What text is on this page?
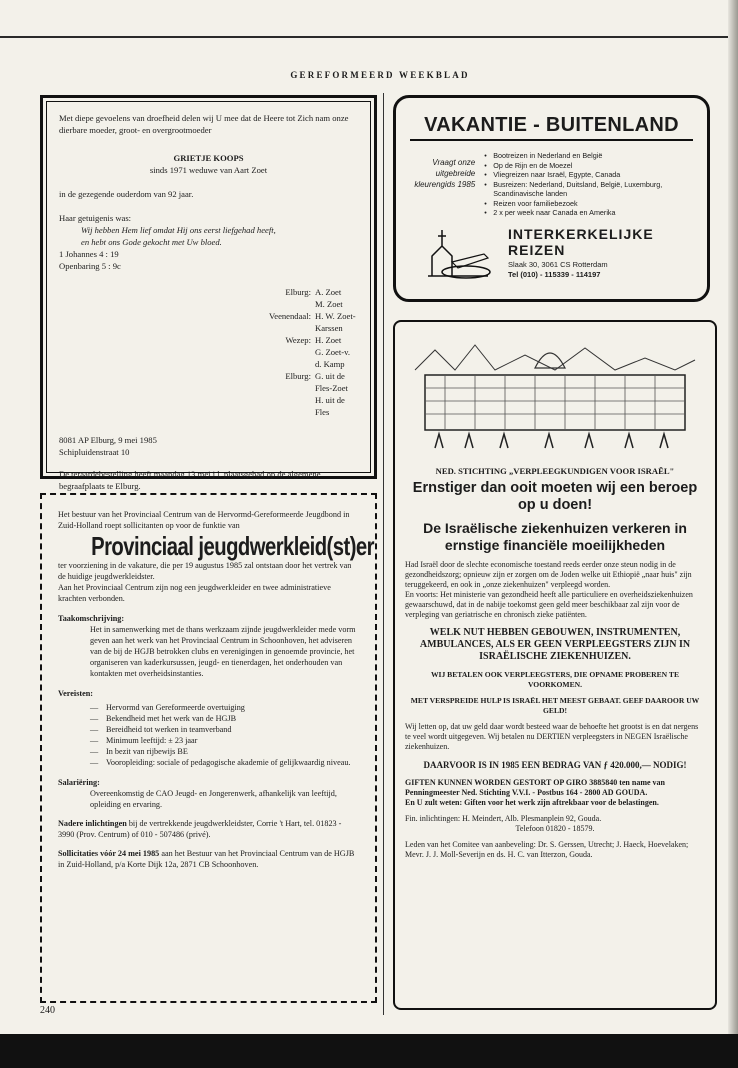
GEREFORMEERD WEEKBLAD

Met diepe gevoelens van droefheid delen wij U mee dat de Heere tot Zich nam onze dierbare moeder, groot- en overgrootmoeder

GRIETJE KOOPS

sinds 1971 weduwe van Aart Zoet

in de gezegende ouderdom van 92 jaar.

Haar getuigenis was:

Wij hebben Hem lief omdat Hij ons eerst liefgehad heeft,

en hebt ons Gode gekocht met Uw bloed.

1 Johannes 4 : 19

Openbaring 5 : 9c

Elburg: A. Zoet
M. Zoet
Veenendaal: H. W. Zoet-Karssen
Wezep: H. Zoet
G. Zoet-v. d. Kamp
Elburg: G. uit de Fles-Zoet
H. uit de Fles

8081 AP Elburg, 9 mei 1985

Schipluidenstraat 10

De teraardebestelling heeft maandag 13 mei j.l. plaatsgehad op de algemene begraafplaats te Elburg.

Het bestuur van het Provinciaal Centrum van de Hervormd-Gereformeerde Jeugdbond in Zuid-Holland roept sollicitanten op voor de funktie van

Provinciaal jeugdwerkleid(st)er

ter voorziening in de vakature, die per 19 augustus 1985 zal ontstaan door het vertrek van de huidige jeugdwerkleidster.

Aan het Provinciaal Centrum zijn nog een jeugdwerkleider en twee administratieve krachten verbonden.

Taakomschrijving:

Het in samenwerking met de thans werkzaam zijnde jeugdwerkleider mede vorm geven aan het werk van het Provinciaal Centrum in Schoonhoven, het adviseren van de bij de HGJB betrokken clubs en verenigingen in genoemde provincie, het organiseren van kaderkursussen, jeugd- en tienerdagen, het onderhouden van kontakten met overheidsinstanties.

Vereisten:

— Hervormd van Gereformeerde overtuiging
— Bekendheid met het werk van de HGJB
— Bereidheid tot werken in teamverband
— Minimum leeftijd: ± 23 jaar
— In bezit van rijbewijs BE
— Vooropleiding: sociale of pedagogische akademie of gelijkwaardig niveau.

Salariëring:

Overeenkomstig de CAO Jeugd- en Jongerenwerk, afhankelijk van leeftijd, opleiding en ervaring.

Nadere inlichtingen bij de vertrekkende jeugdwerkleidster, Corrie 't Hart, tel. 01823 - 3990 (Prov. Centrum) of 010 - 507486 (privé).

Sollicitaties vóór 24 mei 1985 aan het Bestuur van het Provinciaal Centrum van de HGJB in Zuid-Holland, p/a Korte Dijk 12a, 2871 CB Schoonhoven.

VAKANTIE - BUITENLAND
Vraagt onze
uitgebreide
kleurengids 1985
• Bootreizen in Nederland en België
• Op de Rijn en de Moezel
• Vliegreizen naar Israël, Egypte, Canada
• Busreizen: Nederland, Duitsland, België, Luxemburg, Scandinavische landen
• Reizen voor familiebezoek
• 2 x per week naar Canada en Amerika
INTERKERKELIJKE REIZEN
Slaak 30, 3061 CS Rotterdam
Tel (010) - 115339 - 114197

NED. STICHTING „VERPLEEGKUNDIGEN VOOR ISRAËL"

Ernstiger dan ooit moeten wij een beroep op u doen!
De Israëlische ziekenhuizen verkeren in ernstige financiële moeilijkheden

Had Israël door de slechte economische toestand reeds eerder onze steun nodig in de gezondheidszorg; opnieuw zijn er zorgen om de Joden welke uit Ethiopië „naar huis" zijn teruggekeerd, en ook in „onze ziekenhuizen" verpleegd worden.

En voorts: Het ministerie van gezondheid heeft alle particuliere en overheidsziekenhuizen gewaarschuwd, dat in de nabije toekomst geen geld meer beschikbaar zal zijn voor de verpleging van geriatrische en chronisch zieke patiënten.

WELK NUT HEBBEN GEBOUWEN, INSTRUMENTEN, AMBULANCES, ALS ER GEEN VERPLEEGSTERS ZIJN IN ISRAËLISCHE ZIEKENHUIZEN.
WIJ BETALEN OOK VERPLEEGSTERS, DIE OPNAME PROBEREN TE VOORKOMEN.
MET VERSPREIDE HULP IS ISRAËL HET MEEST GEBAAT. GEEF DAAROOR UW GELD!

Wij letten op, dat uw geld daar wordt besteed waar de behoefte het grootst is en dat nergens te veel wordt uitgegeven. Wij betalen nu DERTIEN verpleegsters in NEGEN Israëlische ziekenhuizen.

DAARVOOR IS IN 1985 EEN BEDRAG VAN ƒ 420.000,— NODIG!

GIFTEN KUNNEN WORDEN GESTORT OP GIRO 3885840 ten name van Penningmeester Ned. Stichting V.V.I. - Postbus 164 - 2800 AD GOUDA.

En U zult weten: Giften voor het werk zijn aftrekbaar voor de belastingen.

Fin. inlichtingen: H. Meindert, Alb. Plesmanplein 92, Gouda.

Telefoon 01820 - 18579.

Leden van het Comitee van aanbeveling: Dr. S. Gerssen, Utrecht; J. Haeck, Hoevelaken; Mevr. J. J. Moll-Severijn en ds. H. C. van Itterzon, Gouda.

240
